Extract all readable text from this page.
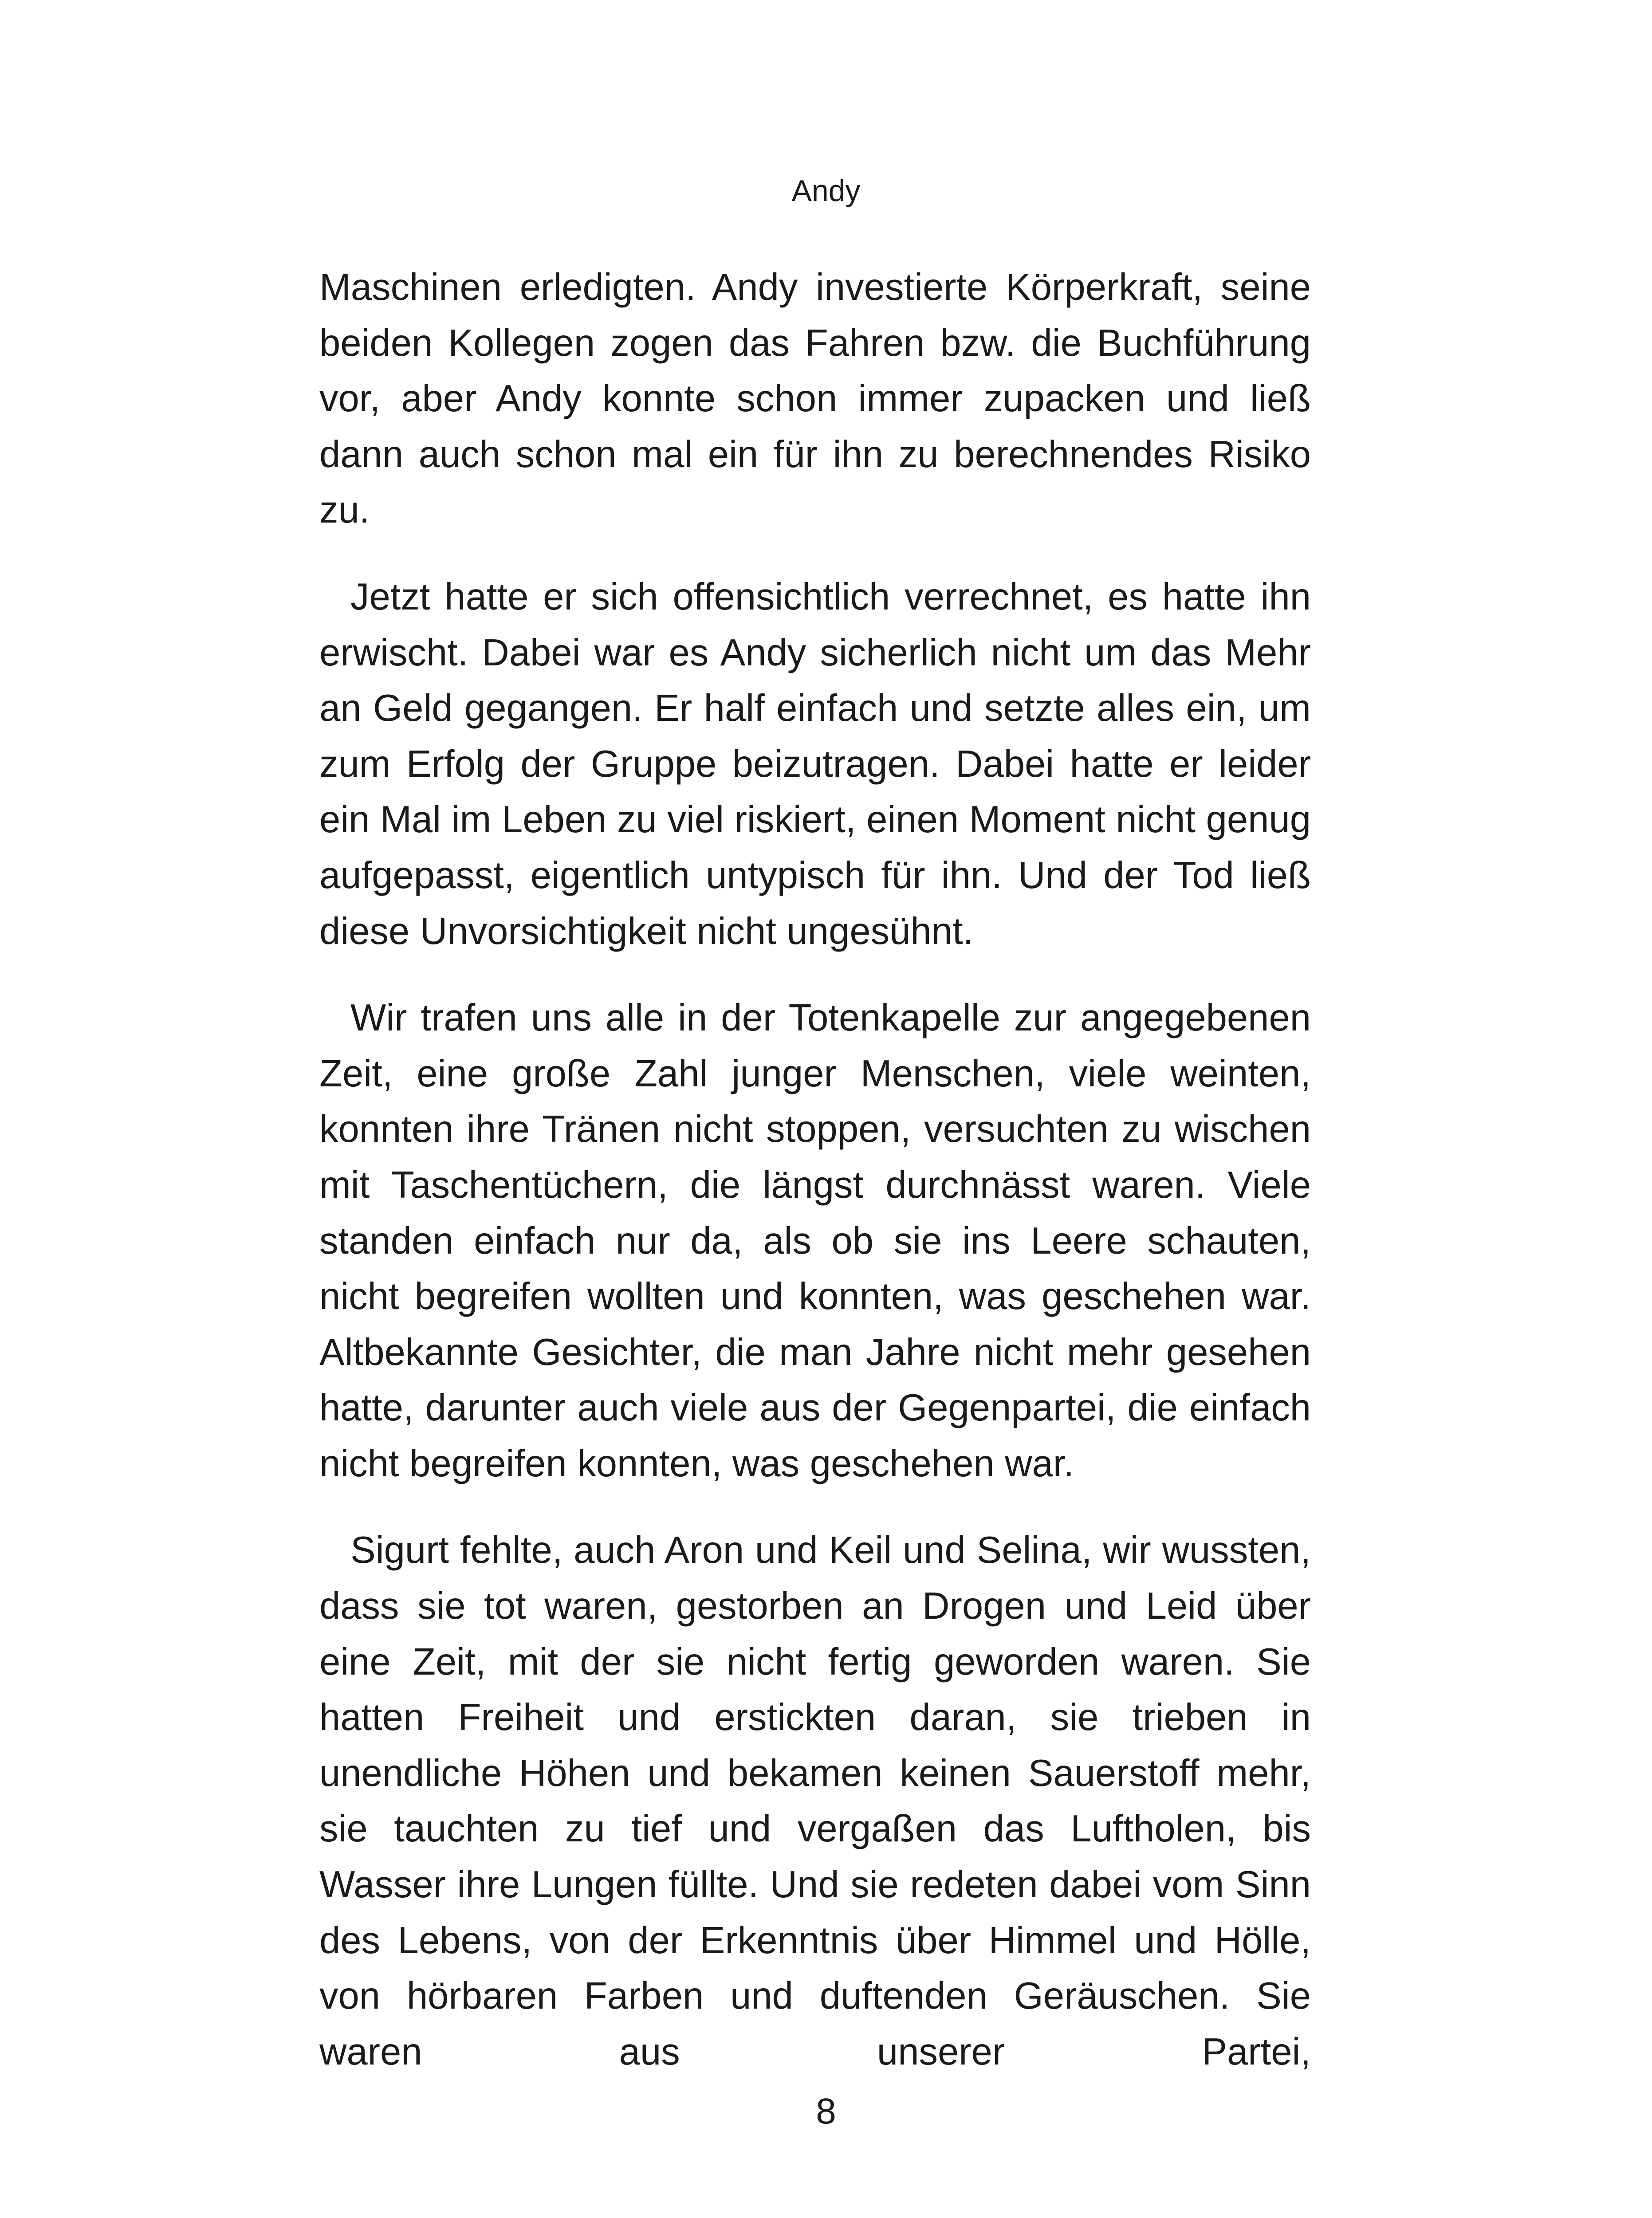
Andy

Maschinen erledigten. Andy investierte Körperkraft, seine beiden Kollegen zogen das Fahren bzw. die Buchführung vor, aber Andy konnte schon immer zupacken und ließ dann auch schon mal ein für ihn zu berechnendes Risiko zu.

Jetzt hatte er sich offensichtlich verrechnet, es hatte ihn erwischt. Dabei war es Andy sicherlich nicht um das Mehr an Geld gegangen. Er half einfach und setzte alles ein, um zum Erfolg der Gruppe beizutragen. Dabei hatte er leider ein Mal im Leben zu viel riskiert, einen Moment nicht genug aufgepasst, eigentlich untypisch für ihn. Und der Tod ließ diese Unvorsichtigkeit nicht ungesühnt.

Wir trafen uns alle in der Totenkapelle zur angegebenen Zeit, eine große Zahl junger Menschen, viele weinten, konnten ihre Tränen nicht stoppen, versuchten zu wischen mit Taschentüchern, die längst durchnässt waren. Viele standen einfach nur da, als ob sie ins Leere schauten, nicht begreifen wollten und konnten, was geschehen war. Altbekannte Gesichter, die man Jahre nicht mehr gesehen hatte, darunter auch viele aus der Gegenpartei, die einfach nicht begreifen konnten, was geschehen war.

Sigurt fehlte, auch Aron und Keil und Selina, wir wussten, dass sie tot waren, gestorben an Drogen und Leid über eine Zeit, mit der sie nicht fertig geworden waren. Sie hatten Freiheit und erstickten daran, sie trieben in unendliche Höhen und bekamen keinen Sauerstoff mehr, sie tauchten zu tief und vergaßen das Luftholen, bis Wasser ihre Lungen füllte. Und sie redeten dabei vom Sinn des Lebens, von der Erkenntnis über Himmel und Hölle, von hörbaren Farben und duftenden Geräuschen. Sie waren aus unserer Partei,

8
